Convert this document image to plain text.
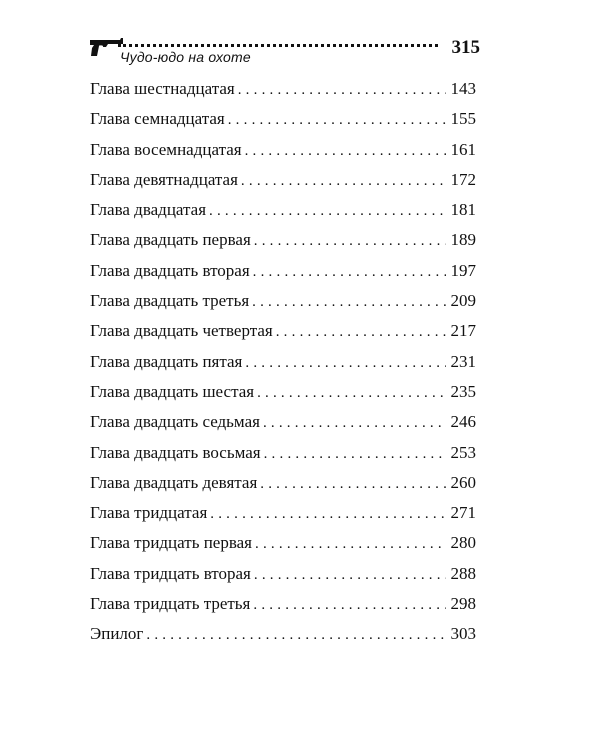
Чудо-юдо на охоте	315
Глава шестнадцатая .....	143
Глава семнадцатая .....	155
Глава восемнадцатая .....	161
Глава девятнадцатая .....	172
Глава двадцатая .....	181
Глава двадцать первая .....	189
Глава двадцать вторая .....	197
Глава двадцать третья .....	209
Глава двадцать четвертая .....	217
Глава двадцать пятая .....	231
Глава двадцать шестая .....	235
Глава двадцать седьмая .....	246
Глава двадцать восьмая .....	253
Глава двадцать девятая .....	260
Глава тридцатая .....	271
Глава тридцать первая .....	280
Глава тридцать вторая .....	288
Глава тридцать третья .....	298
Эпилог .....	303
